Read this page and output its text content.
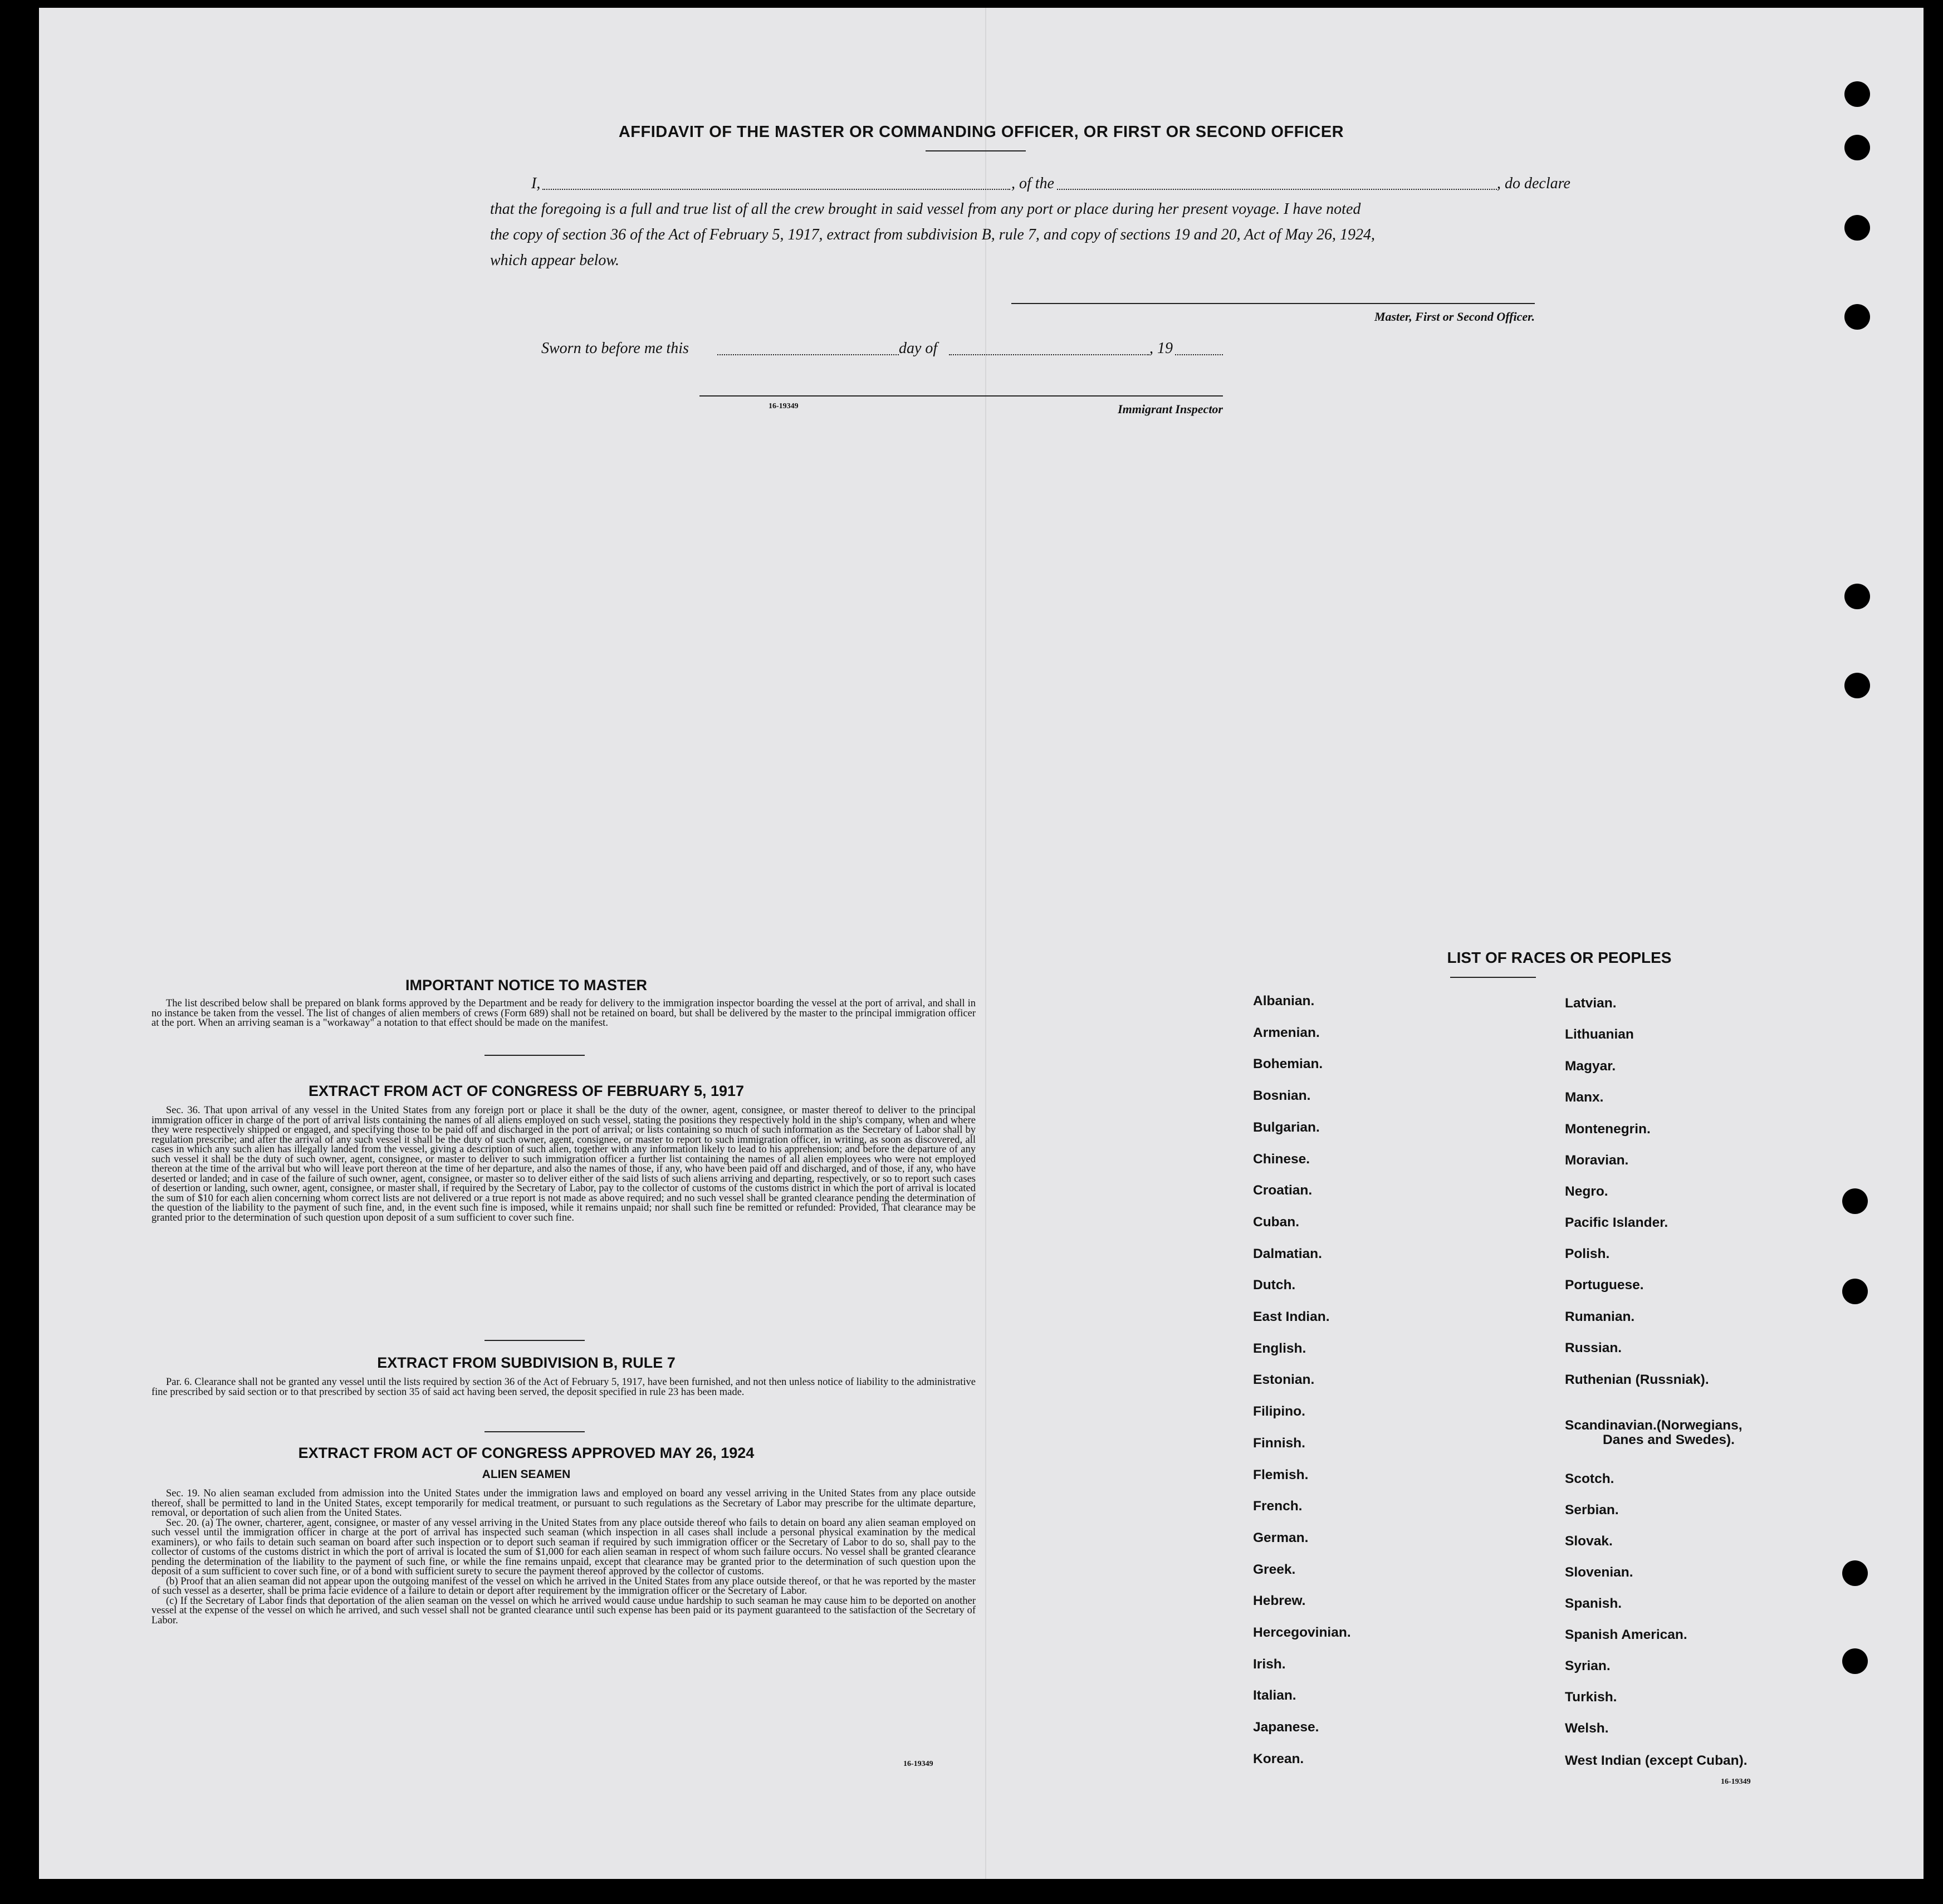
AFFIDAVIT OF THE MASTER OR COMMANDING OFFICER, OR FIRST OR SECOND OFFICER
I,	, of the	, do declare
that the foregoing is a full and true list of all the crew brought in said vessel from any port or place during her present voyage. I have noted
the copy of section 36 of the Act of February 5, 1917, extract from subdivision B, rule 7, and copy of sections 19 and 20, Act of May 26, 1924,
which appear below.
Master, First or Second Officer.
Sworn to before me this	day of	, 19
16-19349	Immigrant Inspector
IMPORTANT NOTICE TO MASTER

The list described below shall be prepared on blank forms approved by the Department and be ready for delivery to the immigration inspector boarding the vessel at the port of arrival, and shall in no instance be taken from the vessel. The list of changes of alien members of crews (Form 689) shall not be retained on board, but shall be delivered by the master to the principal immigration officer at the port. When an arriving seaman is a "workaway" a notation to that effect should be made on the manifest.

EXTRACT FROM ACT OF CONGRESS OF FEBRUARY 5, 1917

Sec. 36. That upon arrival of any vessel in the United States from any foreign port or place it shall be the duty of the owner, agent, consignee, or master thereof to deliver to the principal immigration officer in charge of the port of arrival lists containing the names of all aliens employed on such vessel, stating the positions they respectively hold in the ship's company, when and where they were respectively shipped or engaged, and specifying those to be paid off and discharged in the port of arrival; or lists containing so much of such information as the Secretary of Labor shall by regulation prescribe; and after the arrival of any such vessel it shall be the duty of such owner, agent, consignee, or master to report to such immigration officer, in writing, as soon as discovered, all cases in which any such alien has illegally landed from the vessel, giving a description of such alien, together with any information likely to lead to his apprehension; and before the departure of any such vessel it shall be the duty of such owner, agent, consignee, or master to deliver to such immigration officer a further list containing the names of all alien employees who were not employed thereon at the time of the arrival but who will leave port thereon at the time of her departure, and also the names of those, if any, who have been paid off and discharged, and of those, if any, who have deserted or landed; and in case of the failure of such owner, agent, consignee, or master so to deliver either of the said lists of such aliens arriving and departing, respectively, or so to report such cases of desertion or landing, such owner, agent, consignee, or master shall, if required by the Secretary of Labor, pay to the collector of customs of the customs district in which the port of arrival is located the sum of $10 for each alien concerning whom correct lists are not delivered or a true report is not made as above required; and no such vessel shall be granted clearance pending the determination of the question of the liability to the payment of such fine, and, in the event such fine is imposed, while it remains unpaid; nor shall such fine be remitted or refunded: Provided, That clearance may be granted prior to the determination of such question upon deposit of a sum sufficient to cover such fine.

EXTRACT FROM SUBDIVISION B, RULE 7

Par. 6. Clearance shall not be granted any vessel until the lists required by section 36 of the Act of February 5, 1917, have been furnished, and not then unless notice of liability to the administrative fine prescribed by said section or to that prescribed by section 35 of said act having been served, the deposit specified in rule 23 has been made.

EXTRACT FROM ACT OF CONGRESS APPROVED MAY 26, 1924
ALIEN SEAMEN

Sec. 19. No alien seaman excluded from admission into the United States under the immigration laws and employed on board any vessel arriving in the United States from any place outside thereof, shall be permitted to land in the United States, except temporarily for medical treatment, or pursuant to such regulations as the Secretary of Labor may prescribe for the ultimate departure, removal, or deportation of such alien from the United States.

Sec. 20. (a) The owner, charterer, agent, consignee, or master of any vessel arriving in the United States from any place outside thereof who fails to detain on board any alien seaman employed on such vessel until the immigration officer in charge at the port of arrival has inspected such seaman (which inspection in all cases shall include a personal physical examination by the medical examiners), or who fails to detain such seaman on board after such inspection or to deport such seaman if required by such immigration officer or the Secretary of Labor to do so, shall pay to the collector of customs of the customs district in which the port of arrival is located the sum of $1,000 for each alien seaman in respect of whom such failure occurs. No vessel shall be granted clearance pending the determination of the liability to the payment of such fine, or while the fine remains unpaid, except that clearance may be granted prior to the determination of such question upon the deposit of a sum sufficient to cover such fine, or of a bond with sufficient surety to secure the payment thereof approved by the collector of customs.

(b) Proof that an alien seaman did not appear upon the outgoing manifest of the vessel on which he arrived in the United States from any place outside thereof, or that he was reported by the master of such vessel as a deserter, shall be prima facie evidence of a failure to detain or deport after requirement by the immigration officer or the Secretary of Labor.

(c) If the Secretary of Labor finds that deportation of the alien seaman on the vessel on which he arrived would cause undue hardship to such seaman he may cause him to be deported on another vessel at the expense of the vessel on which he arrived, and such vessel shall not be granted clearance until such expense has been paid or its payment guaranteed to the satisfaction of the Secretary of Labor.

16-19349
LIST OF RACES OR PEOPLES
16-19349
Albanian.
Armenian.
Bohemian.
Bosnian.
Bulgarian.
Chinese.
Croatian.
Cuban.
Dalmatian.
Dutch.
East Indian.
English.
Estonian.
Filipino.
Finnish.
Flemish.
French.
German.
Greek.
Hebrew.
Hercegovinian.
Irish.
Italian.
Japanese.
Korean.
Latvian.
Lithuanian
Magyar.
Manx.
Montenegrin.
Moravian.
Negro.
Pacific Islander.
Polish.
Portuguese.
Rumanian.
Russian.
Ruthenian (Russniak).
Scandinavian.(Norwegians,
Danes and Swedes).
Scotch.
Serbian.
Slovak.
Slovenian.
Spanish.
Spanish American.
Syrian.
Turkish.
Welsh.
West Indian (except Cuban).
